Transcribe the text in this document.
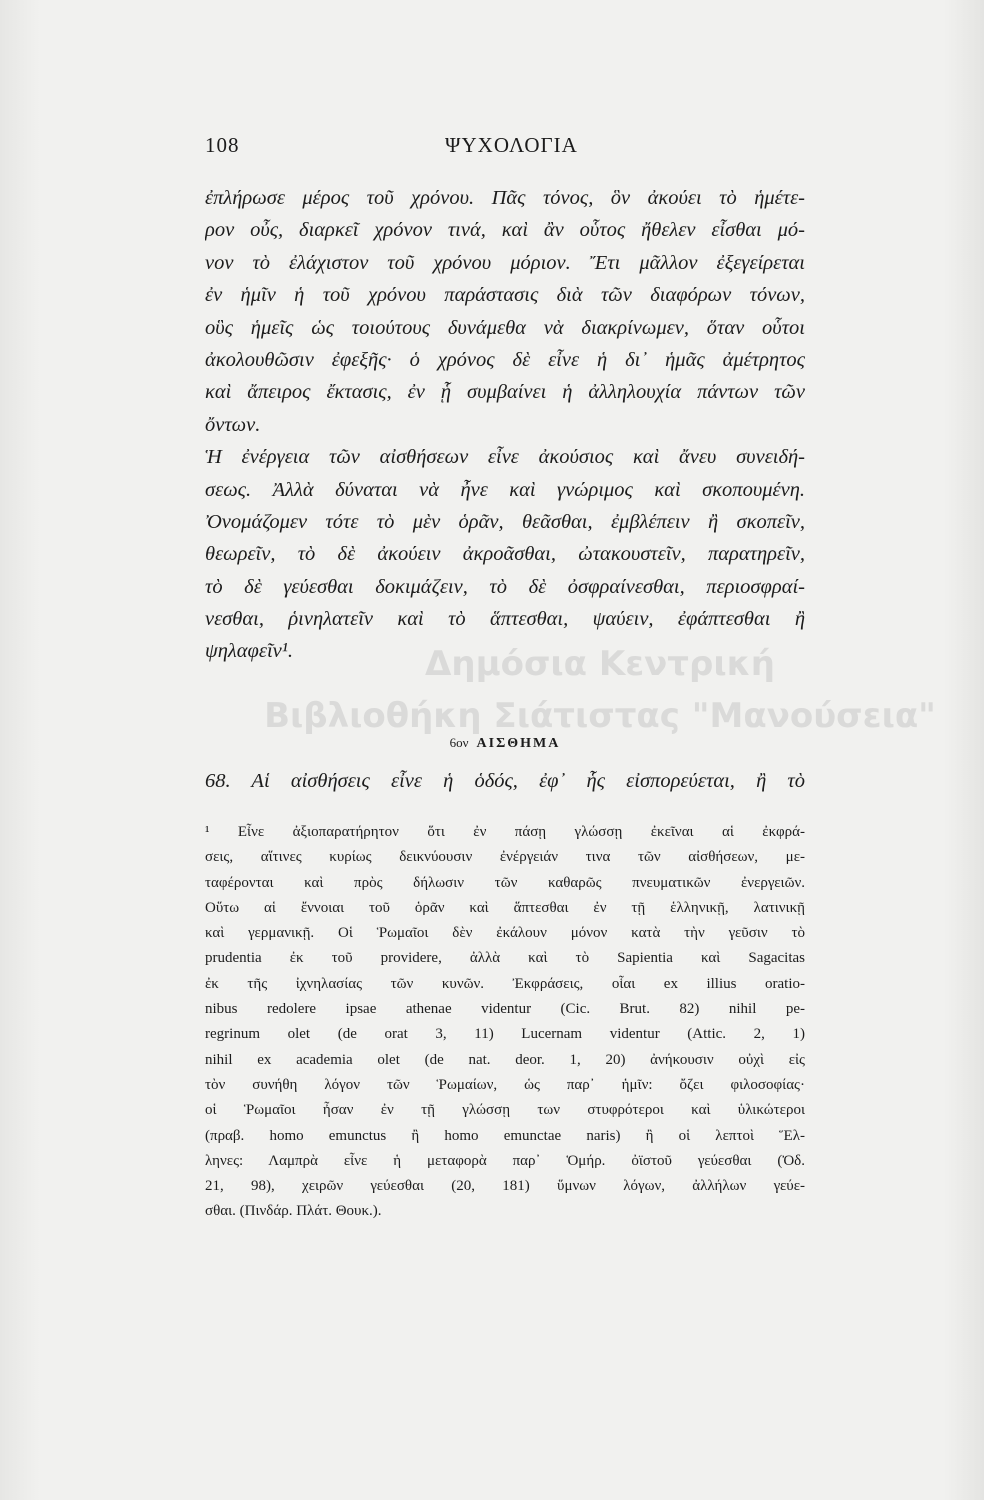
108	ΨΥΧΟΛΟΓΙΑ
ἐπλήρωσε μέρος τοῦ χρόνου. Πᾶς τόνος, ὃν ἀκούει τὸ ἡμέτε-
ρον οὖς, διαρκεῖ χρόνον τινά, καὶ ἂν οὗτος ἤθελεν εἶσθαι μό-
νον τὸ ἐλάχιστον τοῦ χρόνου μόριον. Ἔτι μᾶλλον ἐξεγείρεται
ἐν ἡμῖν ἡ τοῦ χρόνου παράστασις διὰ τῶν διαφόρων τόνων,
οὓς ἡμεῖς ὡς τοιούτους δυνάμεθα νὰ διακρίνωμεν, ὅταν οὗτοι
ἀκολουθῶσιν ἐφεξῆς· ὁ χρόνος δὲ εἶνε ἡ δι᾽ ἡμᾶς ἀμέτρητος
καὶ ἄπειρος ἔκτασις, ἐν ᾗ συμβαίνει ἡ ἀλληλουχία πάντων τῶν
ὄντων.
Ἡ ἐνέργεια τῶν αἰσθήσεων εἶνε ἀκούσιος καὶ ἄνευ συνειδή-
σεως. Ἀλλὰ δύναται νὰ ἦνε καὶ γνώριμος καὶ σκοπουμένη.
Ὀνομάζομεν τότε τὸ μὲν ὁρᾶν, θεᾶσθαι, ἐμβλέπειν ἢ σκοπεῖν,
θεωρεῖν, τὸ δὲ ἀκούειν ἀκροᾶσθαι, ὠτακουστεῖν, παρατηρεῖν,
τὸ δὲ γεύεσθαι δοκιμάζειν, τὸ δὲ ὀσφραίνεσθαι, περιοσφραί-
νεσθαι, ῥινηλατεῖν καὶ τὸ ἅπτεσθαι, ψαύειν, ἐφάπτεσθαι ἢ
ψηλαφεῖν¹.
6ον ΑΙΣΘΗΜΑ
68. Αἱ αἰσθήσεις εἶνε ἡ ὁδός, ἐφ᾽ ἧς εἰσπορεύεται, ἢ τὸ
¹ Εἶνε ἀξιοπαρατήρητον ὅτι ἐν πάσῃ γλώσσῃ ἐκεῖναι αἱ ἐκφρά-
σεις, αἵτινες κυρίως δεικνύουσιν ἐνέργειάν τινα τῶν αἰσθήσεων, με-
ταφέρονται καὶ πρὸς δήλωσιν τῶν καθαρῶς πνευματικῶν ἐνεργειῶν.
Οὕτω αἱ ἔννοιαι τοῦ ὁρᾶν καὶ ἅπτεσθαι ἐν τῇ ἑλληνικῇ, λατινικῇ
καὶ γερμανικῇ. Οἱ Ῥωμαῖοι δὲν ἐκάλουν μόνον κατὰ τὴν γεῦσιν τὸ
prudentia ἐκ τοῦ providere, ἀλλὰ καὶ τὸ Sapientia καὶ Sagacitas
ἐκ τῆς ἰχνηλασίας τῶν κυνῶν. Ἐκφράσεις, οἷαι ex illius oratio-
nibus redolere ipsae athenae videntur (Cic. Brut. 82) nihil pe-
regrinum olet (de orat 3, 11) Lucernam videntur (Attic. 2, 1)
nihil ex academia olet (de nat. deor. 1, 20) ἀνήκουσιν οὐχὶ εἰς
τὸν συνήθη λόγον τῶν Ῥωμαίων, ὡς παρ᾽ ἡμῖν: ὄζει φιλοσοφίας·
οἱ Ῥωμαῖοι ἦσαν ἐν τῇ γλώσσῃ των στυφρότεροι καὶ ὑλικώτεροι
(πραβ. homo emunctus ἢ homo emunctae naris) ἢ οἱ λεπτοὶ Ἕλ-
ληνες: Λαμπρὰ εἶνε ἡ μεταφορὰ παρ᾽ Ὁμήρ. ὀϊστοῦ γεύεσθαι (Ὀδ.
21, 98), χειρῶν γεύεσθαι (20, 181) ὕμνων λόγων, ἀλλήλων γεύε-
σθαι. (Πινδάρ. Πλάτ. Θουκ.).
Δημόσια Κεντρική
Βιβλιοθήκη Σιάτιστας "Μανούσεια"
